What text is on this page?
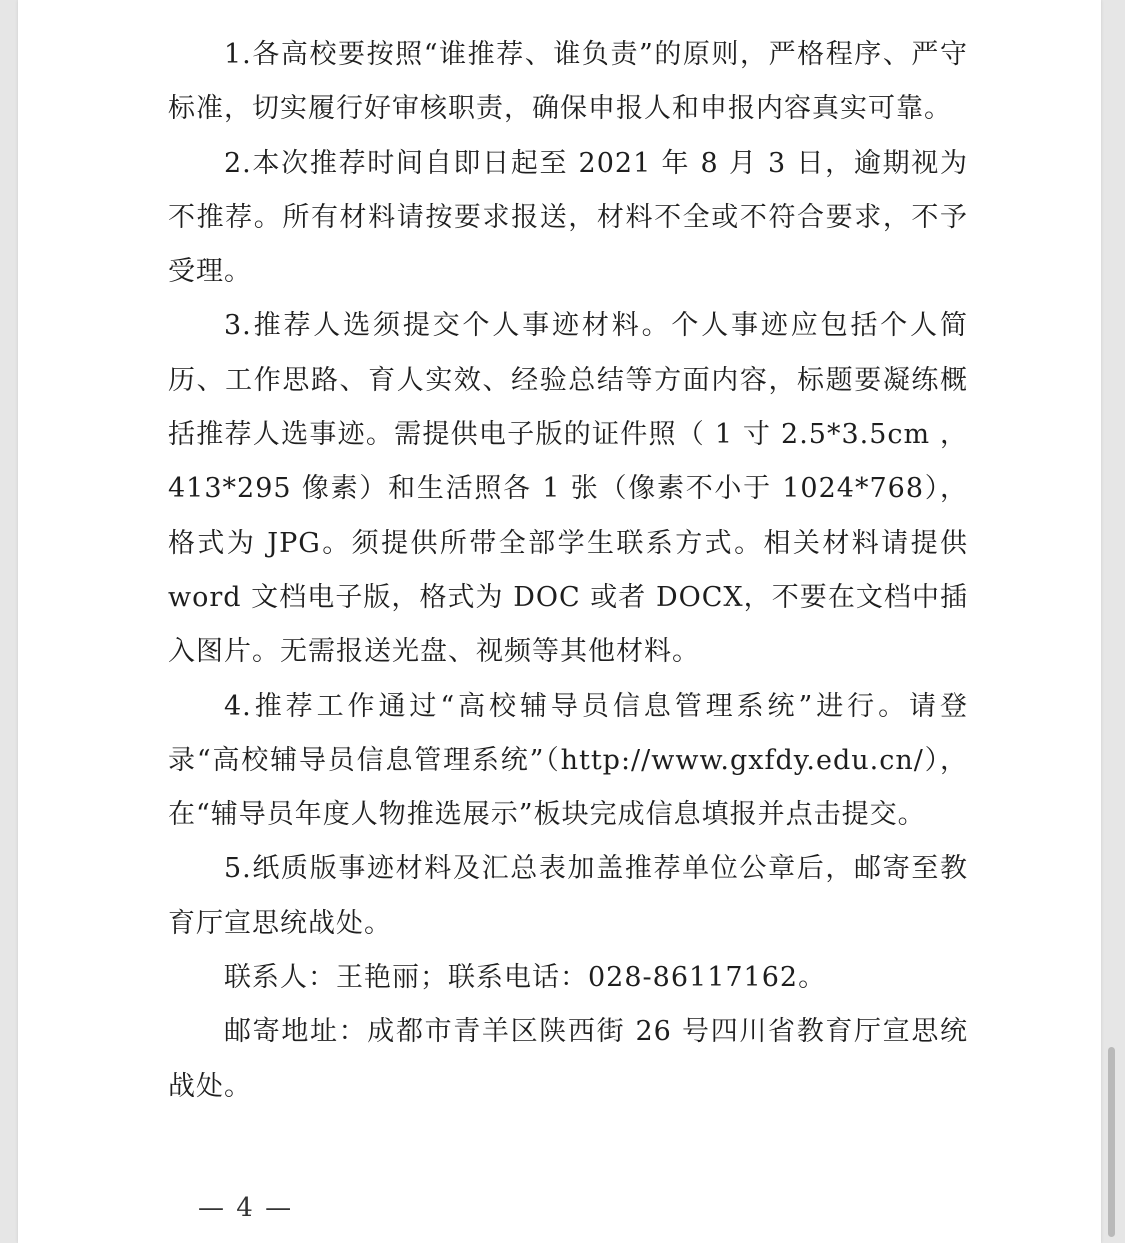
1.各高校要按照“谁推荐、谁负责”的原则，严格程序、严守标准，切实履行好审核职责，确保申报人和申报内容真实可靠。

2.本次推荐时间自即日起至 2021 年 8 月 3 日，逾期视为不推荐。所有材料请按要求报送，材料不全或不符合要求，不予受理。

3.推荐人选须提交个人事迹材料。个人事迹应包括个人简历、工作思路、育人实效、经验总结等方面内容，标题要凝练概括推荐人选事迹。需提供电子版的证件照（ 1 寸 2.5*3.5cm ，413*295 像素）和生活照各 1 张（像素不小于 1024*768），格式为 JPG。须提供所带全部学生联系方式。相关材料请提供 word 文档电子版，格式为 DOC 或者 DOCX，不要在文档中插入图片。无需报送光盘、视频等其他材料。

4.推荐工作通过“高校辅导员信息管理系统”进行。请登录“高校辅导员信息管理系统”（http://www.gxfdy.edu.cn/）， 在“辅导员年度人物推选展示”板块完成信息填报并点击提交。

5.纸质版事迹材料及汇总表加盖推荐单位公章后，邮寄至教育厅宣思统战处。

联系人：王艳丽；联系电话：028-86117162。

邮寄地址：成都市青羊区陕西街 26 号四川省教育厅宣思统战处。

— 4 —
